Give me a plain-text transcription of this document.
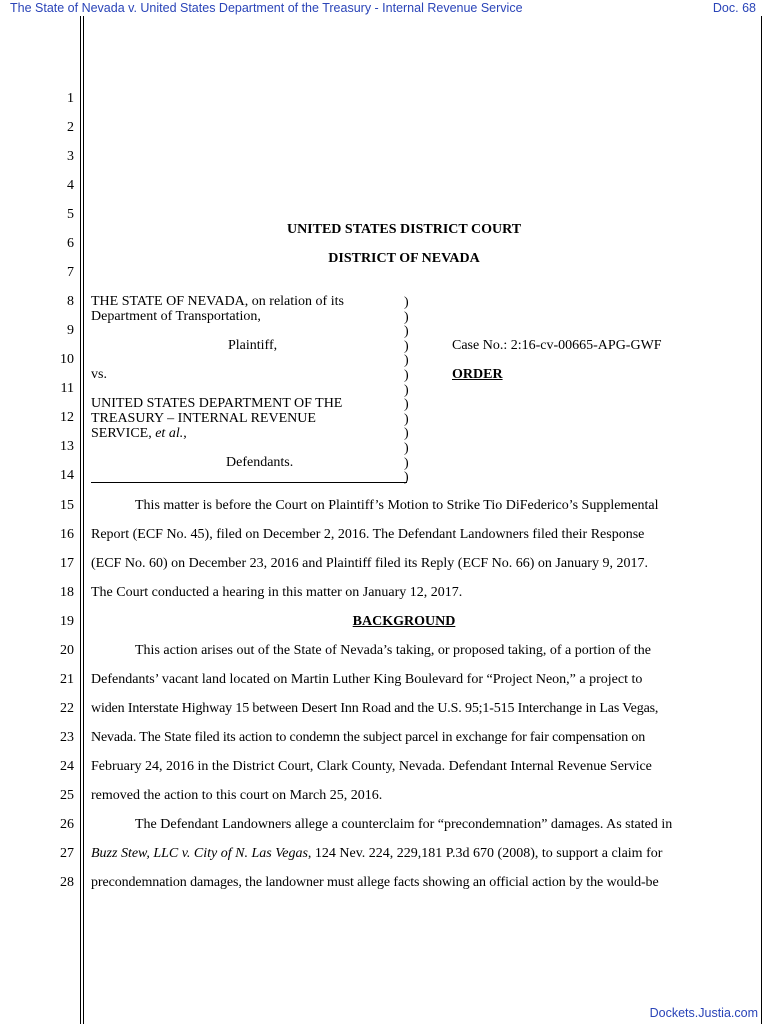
The State of Nevada v. United States Department of the Treasury - Internal Revenue Service	Doc. 68
1
2
3
4
5
6
7
8
9
10
11
12
13
14
15
16
17
18
19
20
21
22
23
24
25
26
27
28
UNITED STATES DISTRICT COURT
DISTRICT OF NEVADA
THE STATE OF NEVADA, on relation of its
Department of Transportation,
Plaintiff,
vs.
UNITED STATES DEPARTMENT OF THE
TREASURY – INTERNAL REVENUE
SERVICE, et al.,
Defendants.
)
)
)
)
)
)
)
)
)
)
)
)
)
Case No.: 2:16-cv-00665-APG-GWF
ORDER
This matter is before the Court on Plaintiff’s Motion to Strike Tio DiFederico’s Supplemental
Report (ECF No. 45), filed on December 2, 2016. The Defendant Landowners filed their Response
(ECF No. 60) on December 23, 2016 and Plaintiff filed its Reply (ECF No. 66) on January 9, 2017.
The Court conducted a hearing in this matter on January 12, 2017.
BACKGROUND
This action arises out of the State of Nevada’s taking, or proposed taking, of a portion of the
Defendants’ vacant land located on Martin Luther King Boulevard for “Project Neon,” a project to
widen Interstate Highway 15 between Desert Inn Road and the U.S. 95;1-515 Interchange in Las Vegas,
Nevada. The State filed its action to condemn the subject parcel in exchange for fair compensation on
February 24, 2016 in the District Court, Clark County, Nevada. Defendant Internal Revenue Service
removed the action to this court on March 25, 2016.
The Defendant Landowners allege a counterclaim for “precondemnation” damages. As stated in
Buzz Stew, LLC v. City of N. Las Vegas, 124 Nev. 224, 229,181 P.3d 670 (2008), to support a claim for
precondemnation damages, the landowner must allege facts showing an official action by the would-be
Dockets.Justia.com
